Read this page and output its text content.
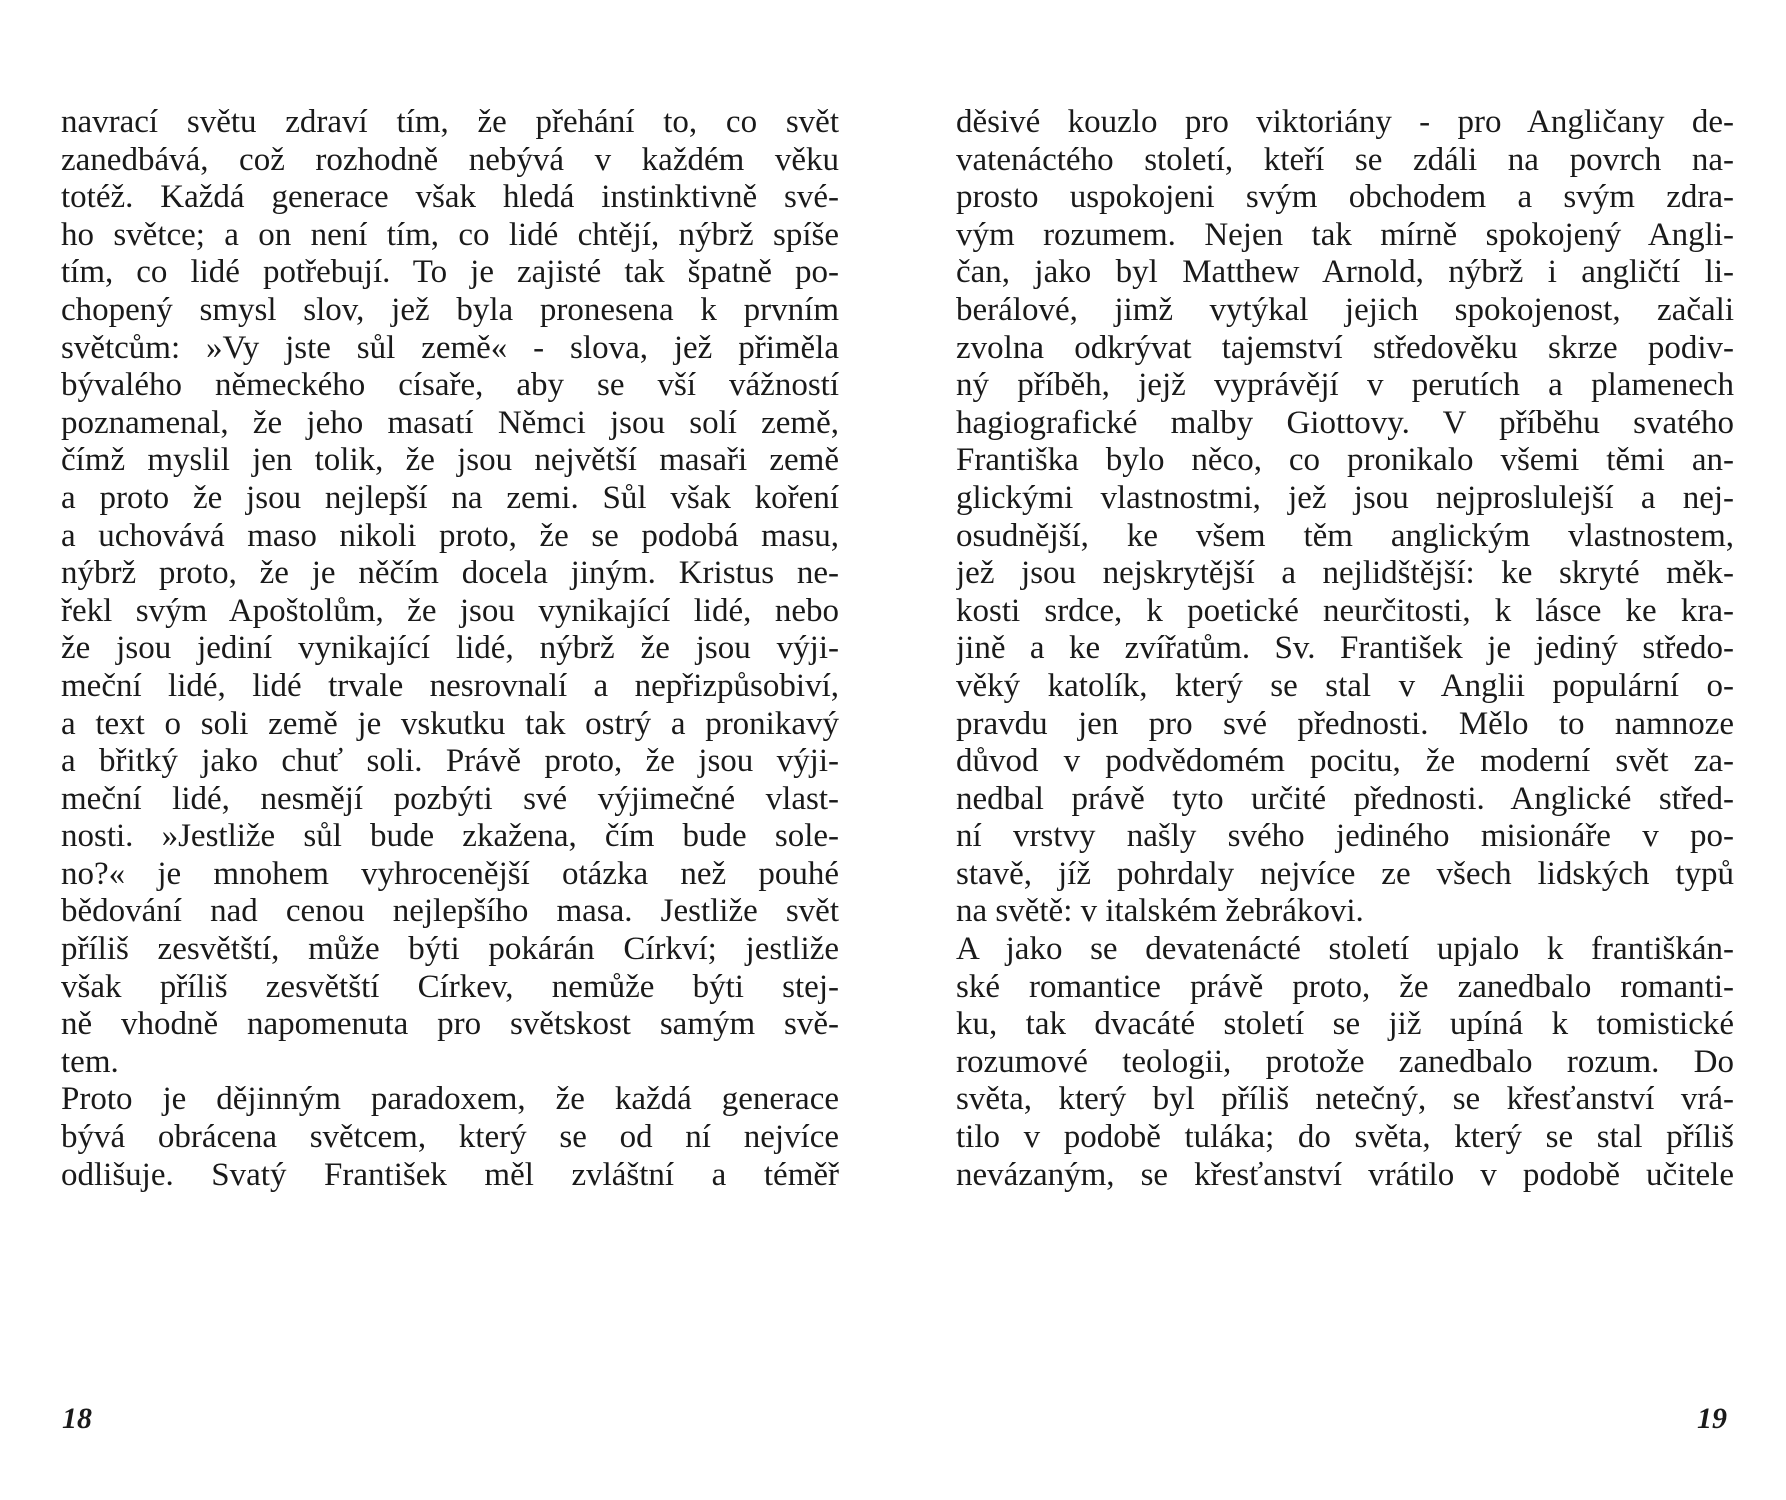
navrací světu zdraví tím, že přehání to, co svět
zanedbává, což rozhodně nebývá v každém věku
totéž. Každá generace však hledá instinktivně své-
ho světce; a on není tím, co lidé chtějí, nýbrž spíše
tím, co lidé potřebují. To je zajisté tak špatně po-
chopený smysl slov, jež byla pronesena k prvním
světcům: »Vy jste sůl země« - slova, jež přiměla
bývalého německého císaře, aby se vší vážností
poznamenal, že jeho masatí Němci jsou solí země,
čímž myslil jen tolik, že jsou největší masaři země
a proto že jsou nejlepší na zemi. Sůl však koření
a uchovává maso nikoli proto, že se podobá masu,
nýbrž proto, že je něčím docela jiným. Kristus ne-
řekl svým Apoštolům, že jsou vynikající lidé, nebo
že jsou jediní vynikající lidé, nýbrž že jsou výji-
meční lidé, lidé trvale nesrovnalí a nepřizpůsobiví,
a text o soli země je vskutku tak ostrý a pronikavý
a břitký jako chuť soli. Právě proto, že jsou výji-
meční lidé, nesmějí pozbýti své výjimečné vlast-
nosti. »Jestliže sůl bude zkažena, čím bude sole-
no?« je mnohem vyhrocenější otázka než pouhé
bědování nad cenou nejlepšího masa. Jestliže svět
příliš zesvětští, může býti pokárán Církví; jestliže
však příliš zesvětští Církev, nemůže býti stej-
ně vhodně napomenuta pro světskost samým svě-
tem.
Proto je dějinným paradoxem, že každá generace
bývá obrácena světcem, který se od ní nejvíce
odlišuje. Svatý František měl zvláštní a téměř
18
děsivé kouzlo pro viktoriány - pro Angličany de-
vatenáctého století, kteří se zdáli na povrch na-
prosto uspokojeni svým obchodem a svým zdra-
vým rozumem. Nejen tak mírně spokojený Angli-
čan, jako byl Matthew Arnold, nýbrž i angličtí li-
berálové, jimž vytýkal jejich spokojenost, začali
zvolna odkrývat tajemství středověku skrze podiv-
ný příběh, jejž vyprávějí v perutích a plamenech
hagiografické malby Giottovy. V příběhu svatého
Františka bylo něco, co pronikalo všemi těmi an-
glickými vlastnostmi, jež jsou nejproslulejší a nej-
osudnější, ke všem těm anglickým vlastnostem,
jež jsou nejskrytější a nejlidštější: ke skryté měk-
kosti srdce, k poetické neurčitosti, k lásce ke kra-
jině a ke zvířatům. Sv. František je jediný středo-
věký katolík, který se stal v Anglii populární o-
pravdu jen pro své přednosti. Mělo to namnoze
důvod v podvědomém pocitu, že moderní svět za-
nedbal právě tyto určité přednosti. Anglické střed-
ní vrstvy našly svého jediného misionáře v po-
stavě, jíž pohrdaly nejvíce ze všech lidských typů
na světě: v italském žebrákovi.
A jako se devatenácté století upjalo k františkán-
ské romantice právě proto, že zanedbalo romanti-
ku, tak dvacáté století se již upíná k tomistické
rozumové teologii, protože zanedbalo rozum. Do
světa, který byl příliš netečný, se křesťanství vrá-
tilo v podobě tuláka; do světa, který se stal příliš
nevázaným, se křesťanství vrátilo v podobě učitele
19
